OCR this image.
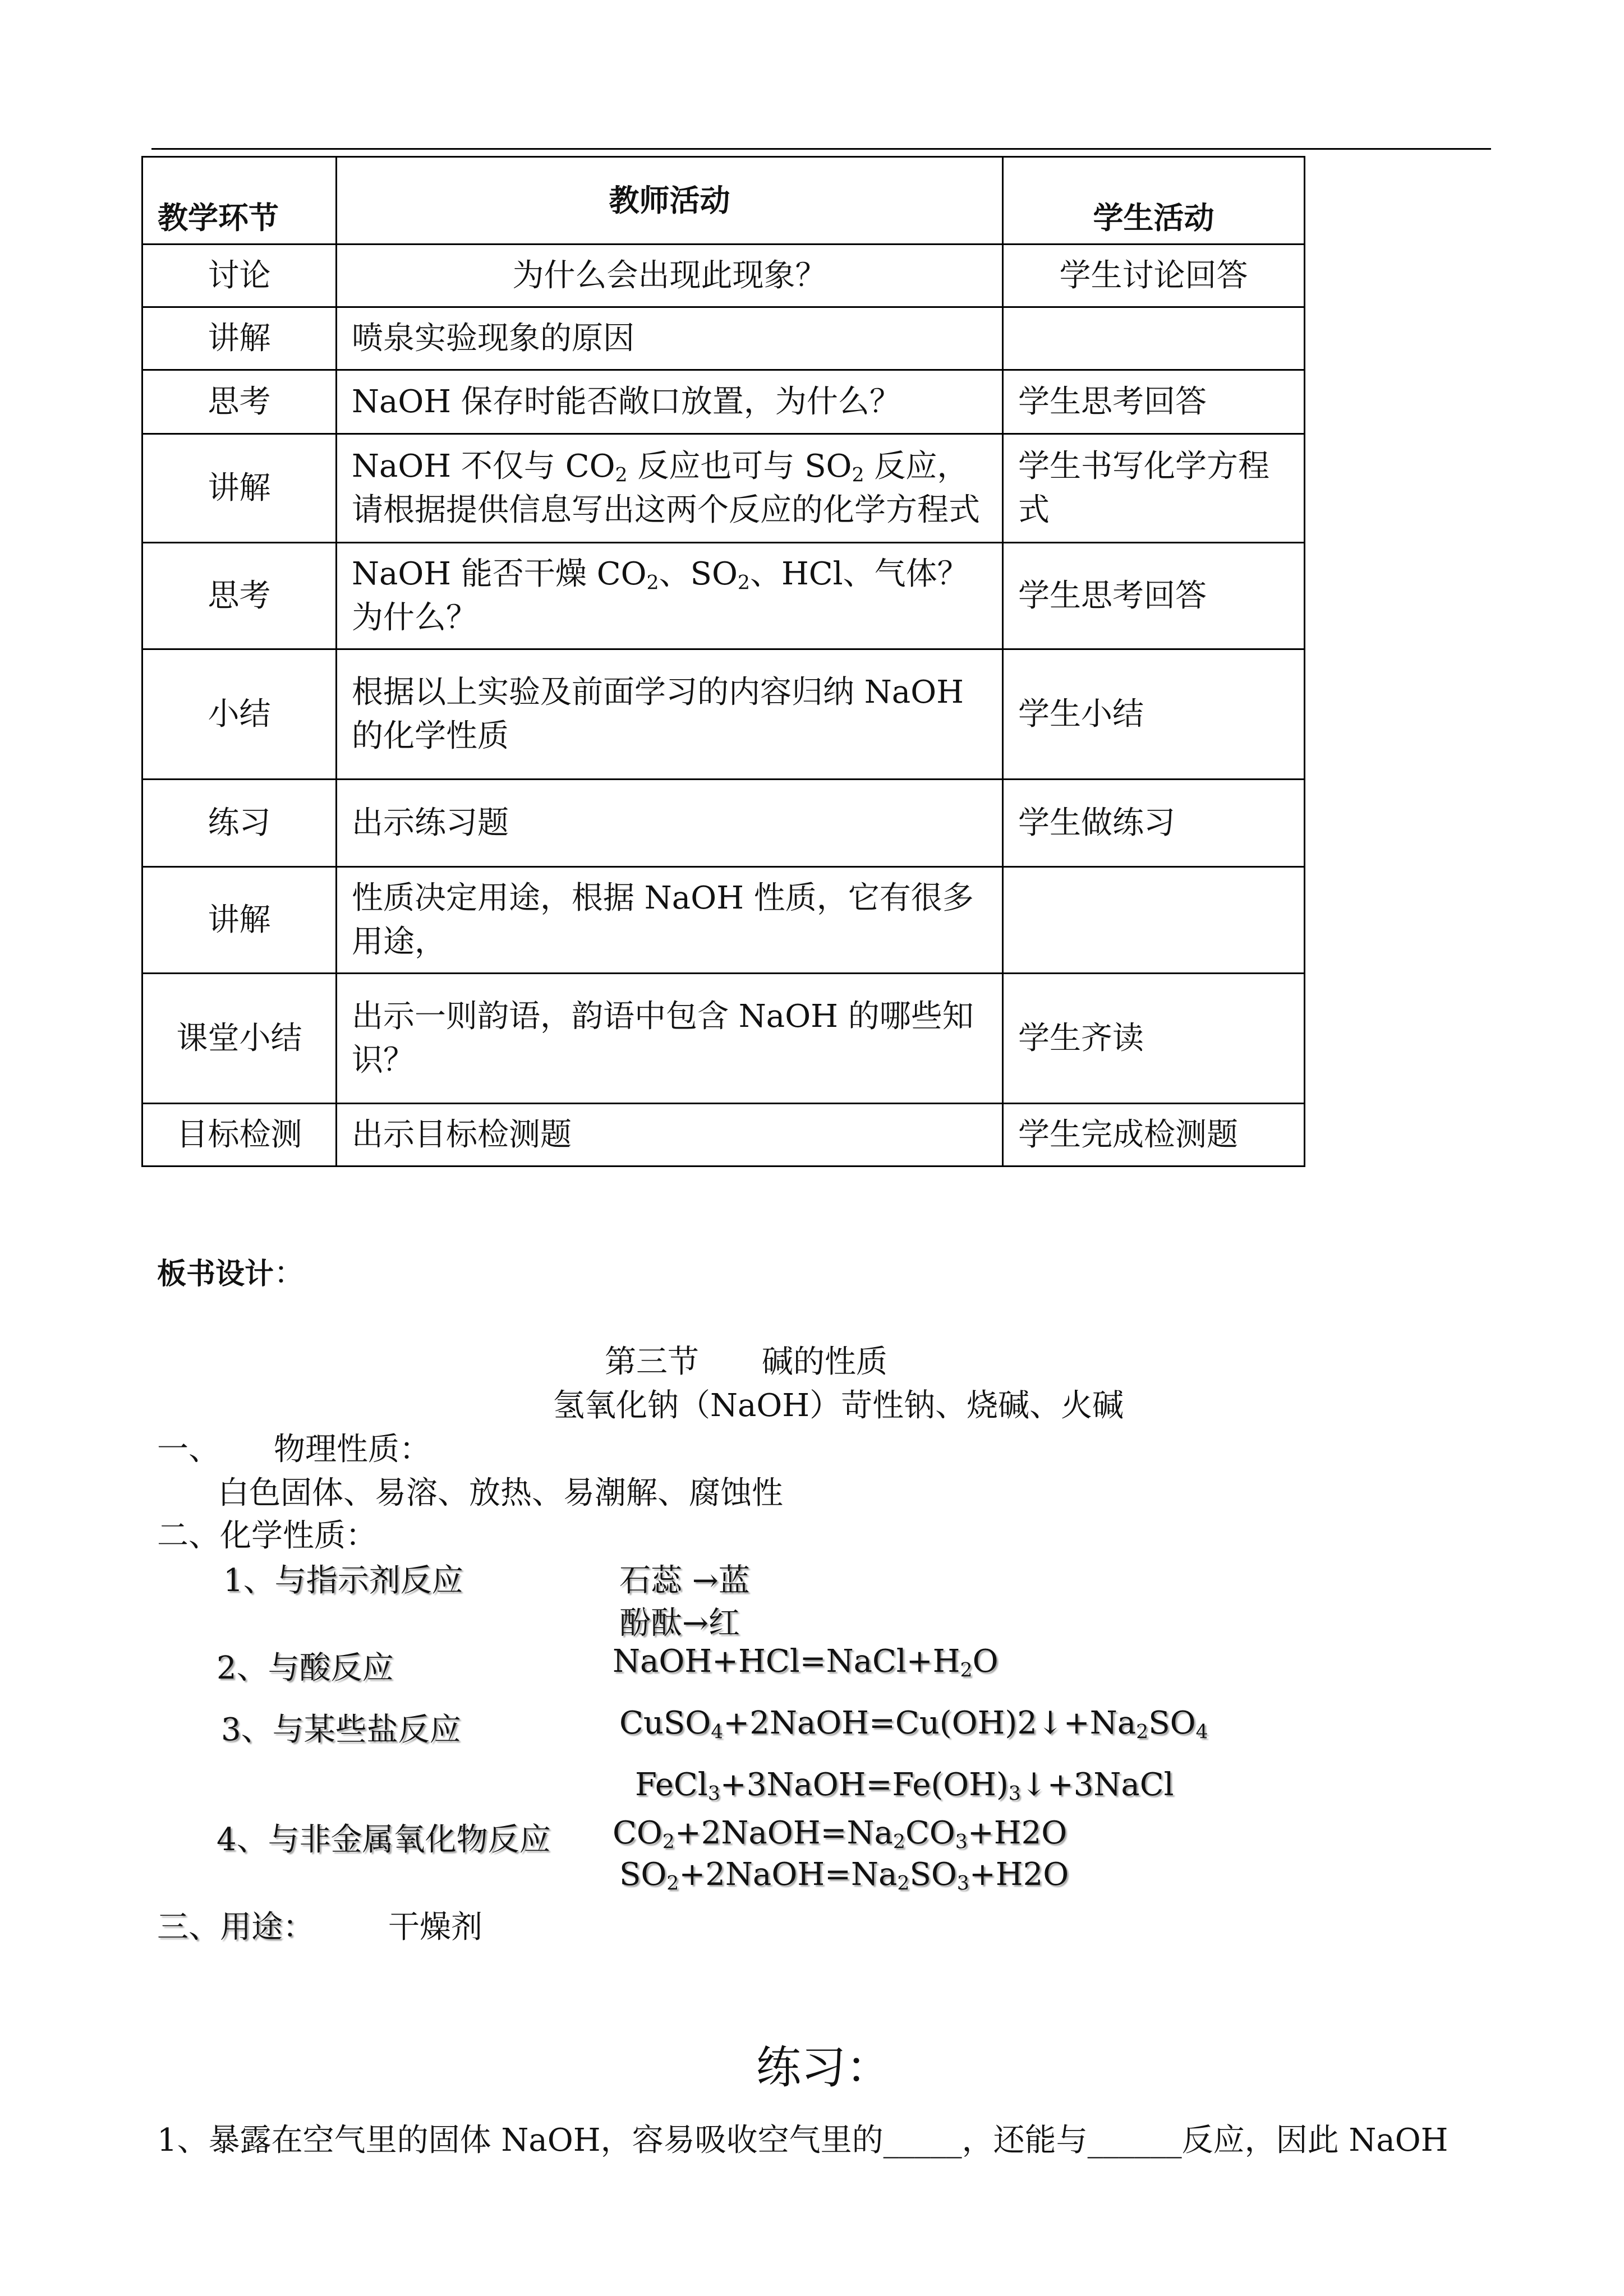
教学环节	教师活动	学生活动
讨论	为什么会出现此现象？	学生讨论回答
讲解	喷泉实验现象的原因	
思考	NaOH 保存时能否敞口放置，为什么？	学生思考回答
讲解	NaOH 不仅与 $CO_2$ 反应也可与 $SO_2$ 反应，请根据提供信息写出这两个反应的化学方程式	学生书写化学方程式
思考	NaOH 能否干燥 $CO_2$、$SO_2$、HCl、气体？为什么？	学生思考回答
小结	根据以上实验及前面学习的内容归纳 NaOH 的化学性质	学生小结
练习	出示练习题	学生做练习
讲解	性质决定用途，根据 NaOH 性质，它有很多用途，	
课堂小结	出示一则韵语，韵语中包含 NaOH 的哪些知识？	学生齐读
目标检测	出示目标检测题	学生完成检测题
板书设计：
第三节　　碱的性质
氢氧化钠（NaOH）苛性钠、烧碱、火碱
一、 物理性质：
白色固体、易溶、放热、易潮解、腐蚀性
二、化学性质：
1、与指示剂反应	石蕊 →蓝
酚酞→红
2、与酸反应	$NaOH+HCl=NaCl+H_2O$
3、与某些盐反应	$CuSO_4+2NaOH=Cu(OH)2↓+Na_2SO_4$
$FeCl_3+3NaOH=Fe(OH)_3↓+3NaCl$
4、与非金属氧化物反应 $CO_2+2NaOH=Na_2CO_3+H2O$
$SO_2+2NaOH=Na_2SO_3+H2O$
三、用途： 干燥剂
练习：
1、暴露在空气里的固体 NaOH，容易吸收空气里的_____，还能与______反应，因此 NaOH
